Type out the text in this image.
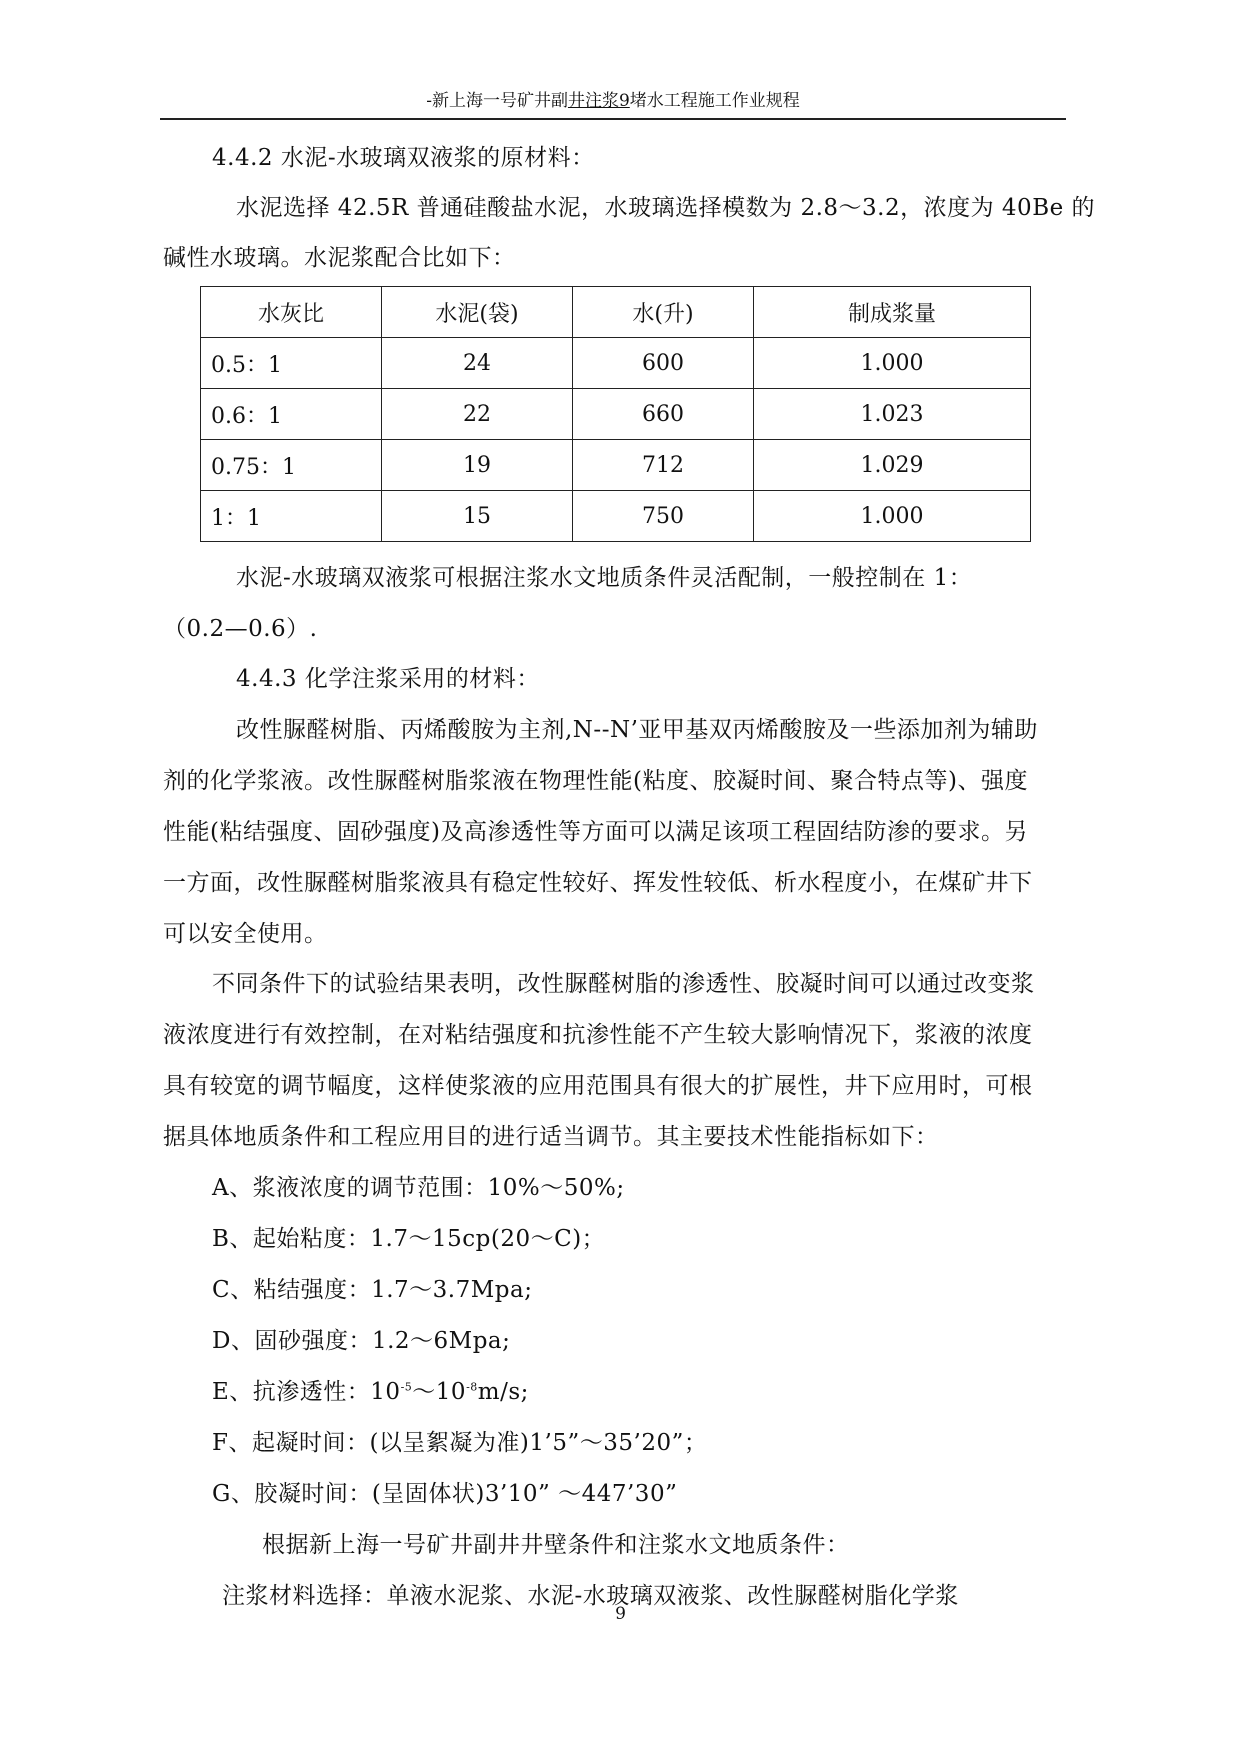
-新上海一号矿井副井注浆9堵水工程施工作业规程
4.4.2 水泥-水玻璃双液浆的原材料：
水泥选择 42.5R 普通硅酸盐水泥，水玻璃选择模数为 2.8～3.2，浓度为 40Be 的
碱性水玻璃。水泥浆配合比如下：
水灰比	水泥(袋)	水(升)	制成浆量
0.5：1	24	600	1.000
0.6：1	22	660	1.023
0.75：1	19	712	1.029
1：1	15	750	1.000
水泥-水玻璃双液浆可根据注浆水文地质条件灵活配制，一般控制在 1：
（0.2—0.6）.
4.4.3 化学注浆采用的材料：
改性脲醛树脂、丙烯酸胺为主剂,N--N’亚甲基双丙烯酸胺及一些添加剂为辅助
剂的化学浆液。改性脲醛树脂浆液在物理性能(粘度、胶凝时间、聚合特点等)、强度
性能(粘结强度、固砂强度)及高渗透性等方面可以满足该项工程固结防渗的要求。另
一方面，改性脲醛树脂浆液具有稳定性较好、挥发性较低、析水程度小，在煤矿井下
可以安全使用。
不同条件下的试验结果表明，改性脲醛树脂的渗透性、胶凝时间可以通过改变浆
液浓度进行有效控制，在对粘结强度和抗渗性能不产生较大影响情况下，浆液的浓度
具有较宽的调节幅度，这样使浆液的应用范围具有很大的扩展性，井下应用时，可根
据具体地质条件和工程应用目的进行适当调节。其主要技术性能指标如下：
A、浆液浓度的调节范围：10%～50%;
B、起始粘度：1.7～15cp(20～C)；
C、粘结强度：1.7～3.7Mpa;
D、固砂强度：1.2～6Mpa;
E、抗渗透性：$10^{-5}\sim 10^{-8}m/s$;
F、起凝时间：(以呈絮凝为准)1’5”～35’20”；
G、胶凝时间：(呈固体状)3’10” ～447’30”
根据新上海一号矿井副井井壁条件和注浆水文地质条件：
注浆材料选择：单液水泥浆、水泥-水玻璃双液浆、改性脲醛树脂化学浆
9
